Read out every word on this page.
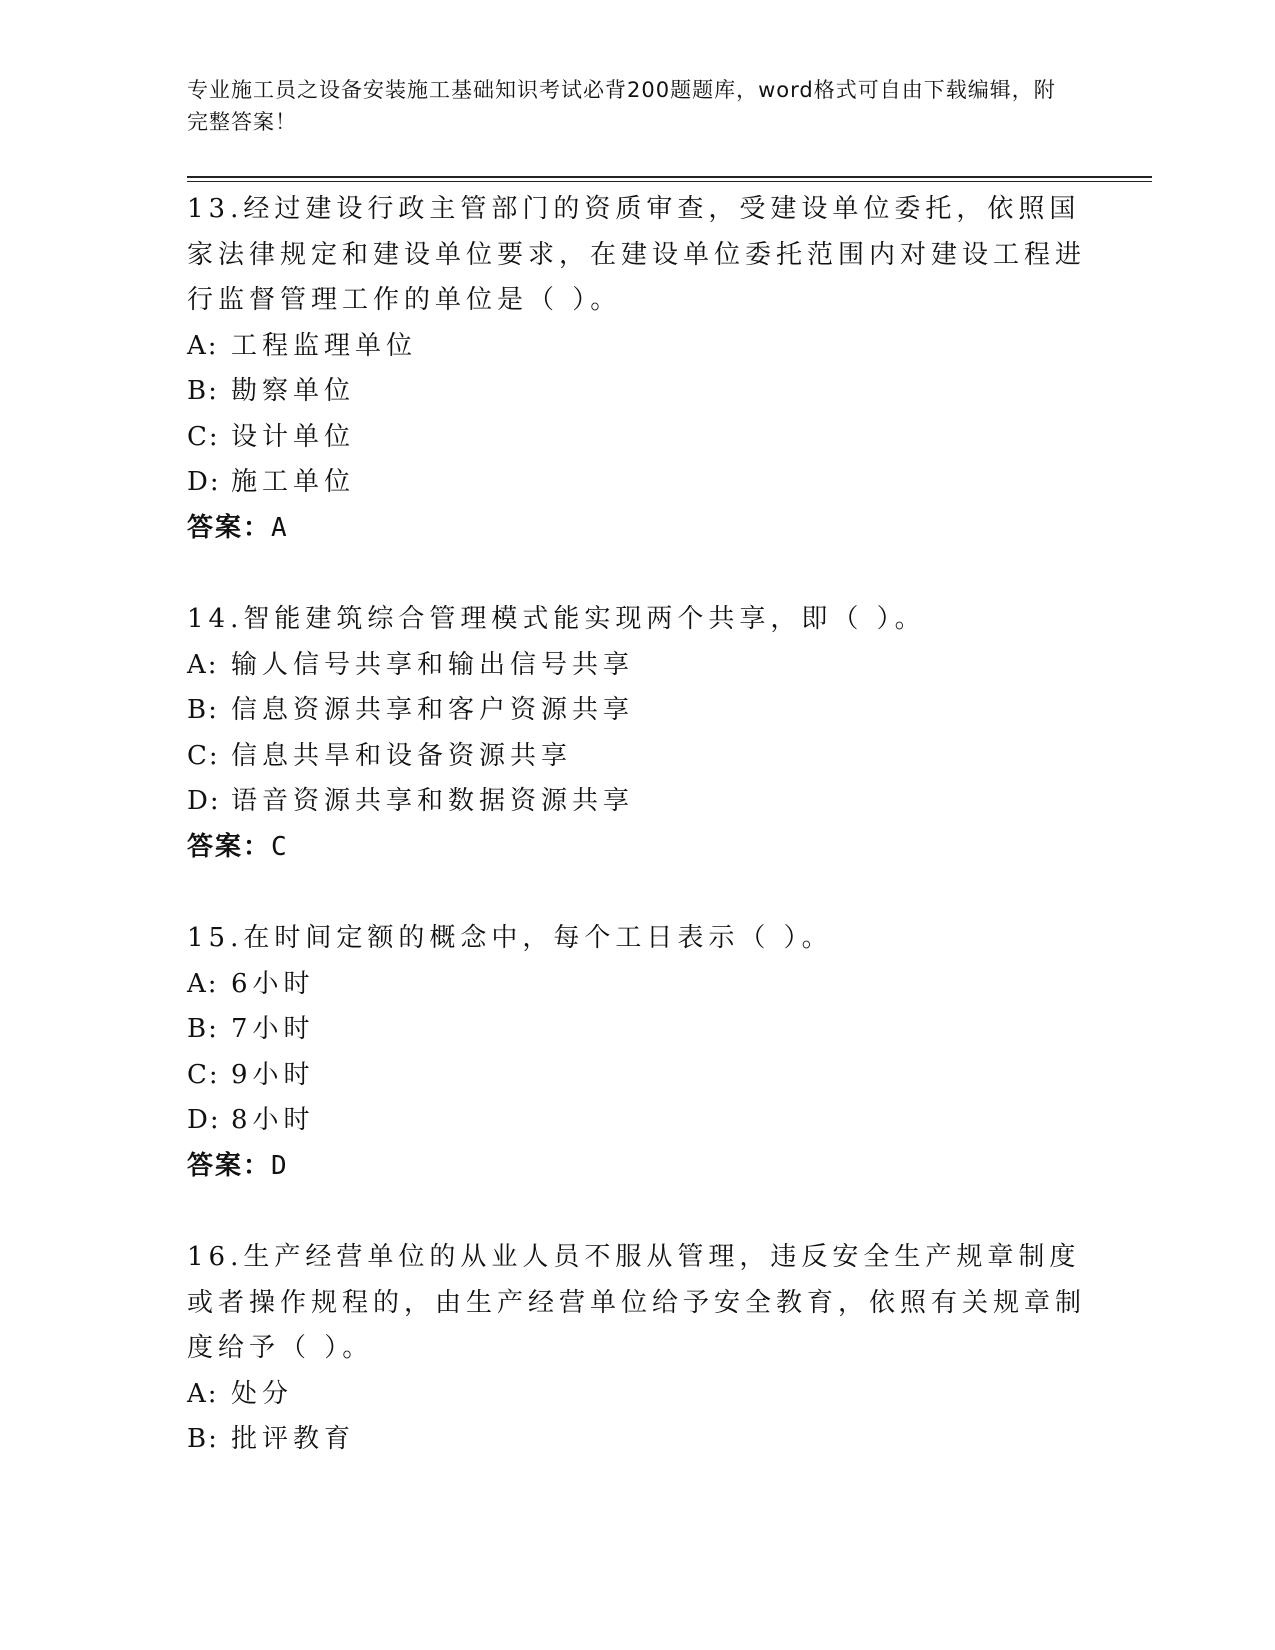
专业施工员之设备安装施工基础知识考试必背200题题库，word格式可自由下载编辑，附完整答案！
13.经过建设行政主管部门的资质审查，受建设单位委托，依照国家法律规定和建设单位要求，在建设单位委托范围内对建设工程进行监督管理工作的单位是（ ）。
A: 工程监理单位
B: 勘察单位
C: 设计单位
D: 施工单位
答案：A
14.智能建筑综合管理模式能实现两个共享，即（ ）。
A: 输人信号共享和输出信号共享
B: 信息资源共享和客户资源共享
C: 信息共旱和设备资源共享
D: 语音资源共享和数据资源共享
答案：C
15.在时间定额的概念中，每个工日表示（ ）。
A: 6小时
B: 7小时
C: 9小时
D: 8小时
答案：D
16.生产经营单位的从业人员不服从管理，违反安全生产规章制度或者操作规程的，由生产经营单位给予安全教育，依照有关规章制度给予（ ）。
A: 处分
B: 批评教育
